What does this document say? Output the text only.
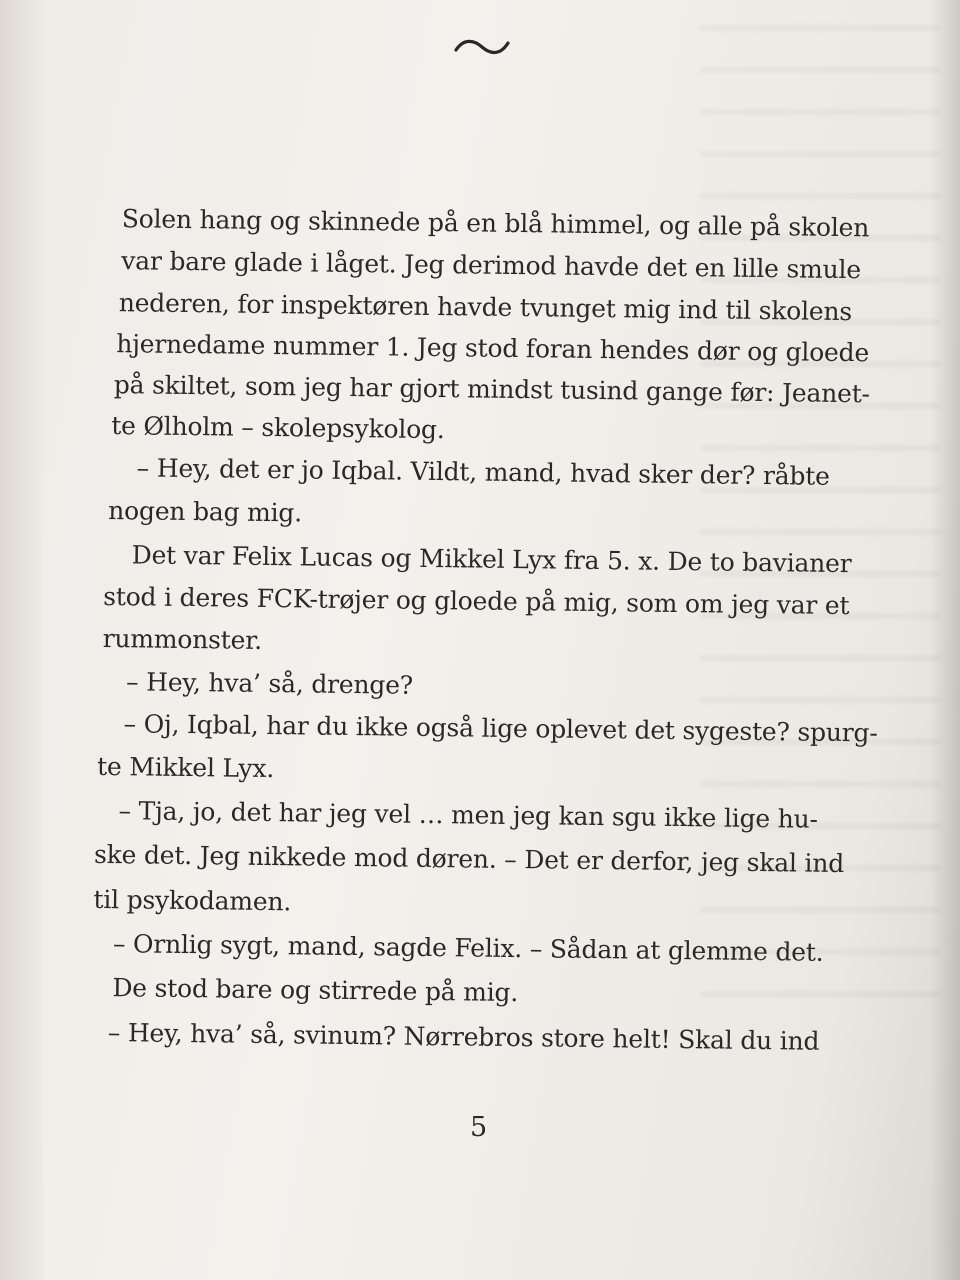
Solen hang og skinnede på en blå himmel, og alle på skolen
var bare glade i låget. Jeg derimod havde det en lille smule
nederen, for inspektøren havde tvunget mig ind til skolens
hjernedame nummer 1. Jeg stod foran hendes dør og gloede
på skiltet, som jeg har gjort mindst tusind gange før: Jeanet-
te Ølholm – skolepsykolog.
– Hey, det er jo Iqbal. Vildt, mand, hvad sker der? råbte
nogen bag mig.
Det var Felix Lucas og Mikkel Lyx fra 5. x. De to bavianer
stod i deres FCK-trøjer og gloede på mig, som om jeg var et
rummonster.
– Hey, hva’ så, drenge?
– Oj, Iqbal, har du ikke også lige oplevet det sygeste? spurg-
te Mikkel Lyx.
– Tja, jo, det har jeg vel … men jeg kan sgu ikke lige hu-
ske det. Jeg nikkede mod døren. – Det er derfor, jeg skal ind
til psykodamen.
– Ornlig sygt, mand, sagde Felix. – Sådan at glemme det.
De stod bare og stirrede på mig.
– Hey, hva’ så, svinum? Nørrebros store helt! Skal du ind
5
